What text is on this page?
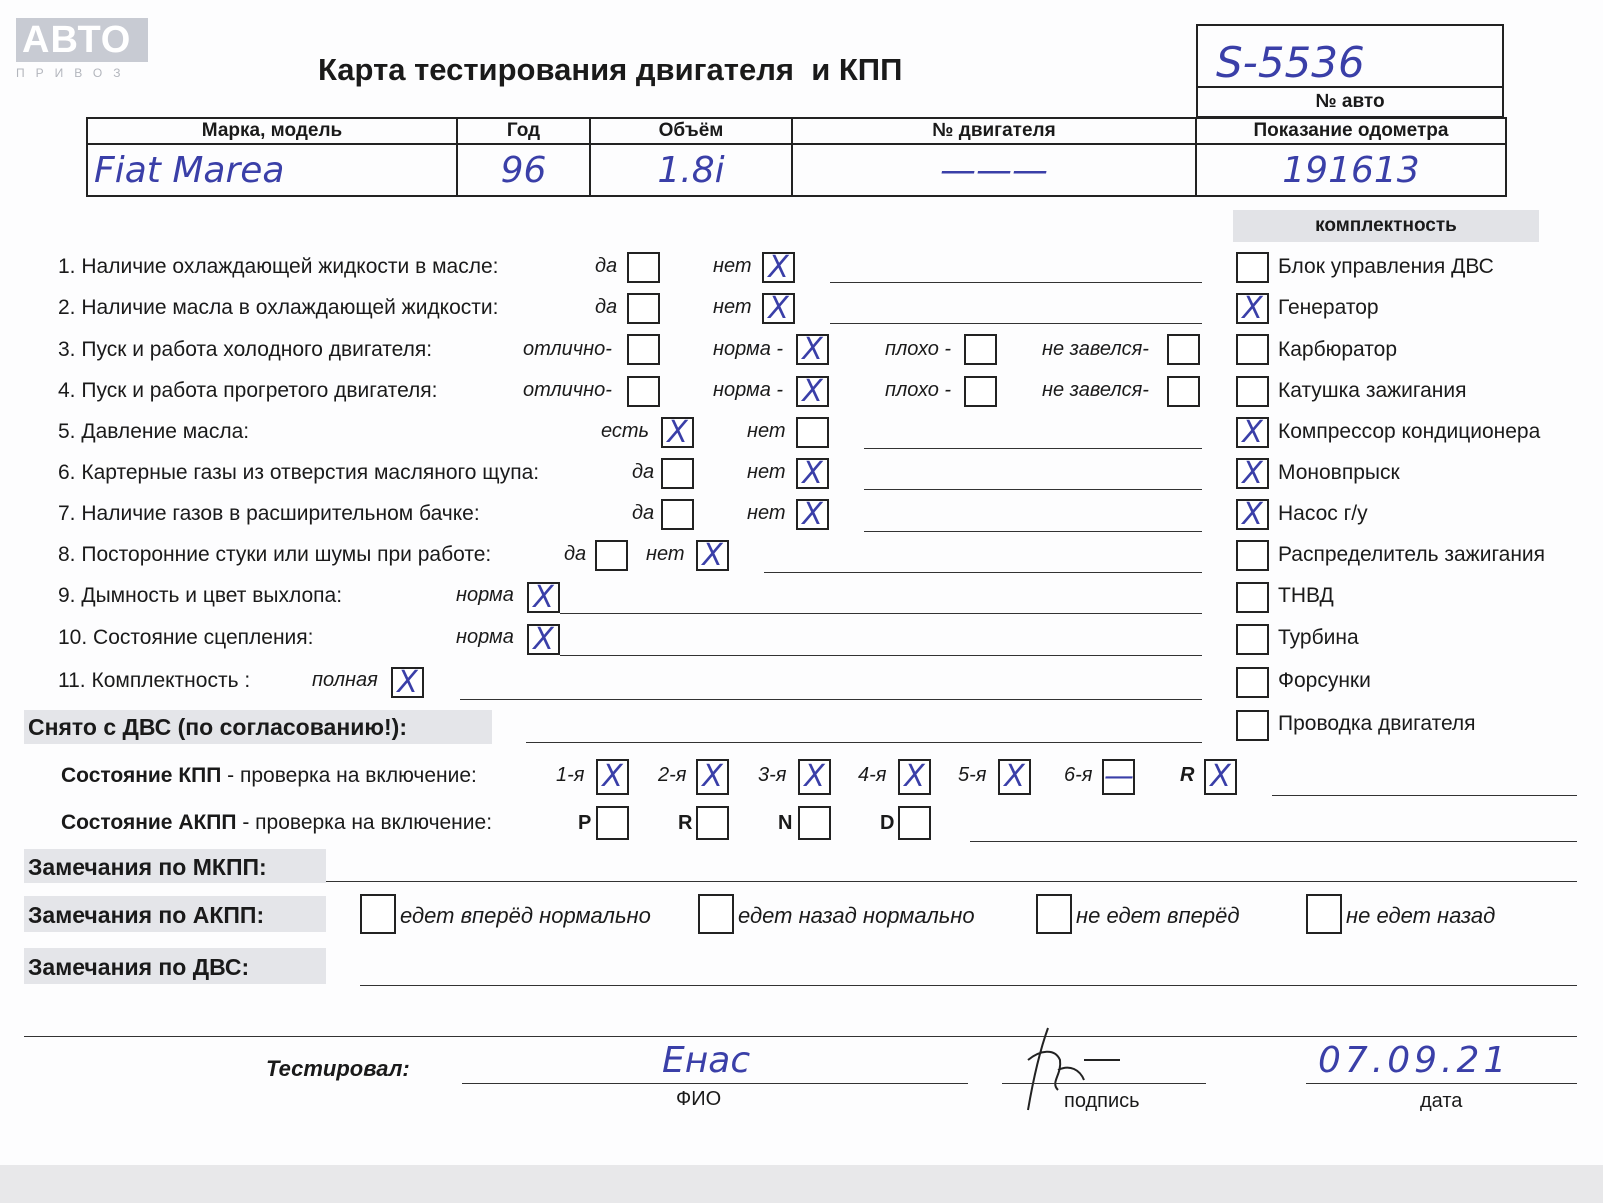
АВТО
ПРИВОЗ	Карта тестирования двигателя  и КПП	S-5536
№ авто
Марка, модель	Год	Объём	№ двигателя	Показание одометра
Fiat Marea	96	1.8i	———	191613
комплектность
1. Наличие охлаждающей жидкости в масле:	да	нет X
2. Наличие масла в охлаждающей жидкости:	да	нет X
3. Пуск и работа холодного двигателя:	отлично-	норма - X	плохо -	не завелся-
4. Пуск и работа прогретого двигателя:	отлично-	норма - X	плохо -	не завелся-
5. Давление масла:	есть X	нет
6. Картерные газы из отверстия масляного щупа:	да	нет X
7. Наличие газов в расширительном бачке:	да	нет X
8. Посторонние стуки или шумы при работе:	да	нет X
9. Дымность и цвет выхлопа:	норма X
10. Состояние сцепления:	норма X
11. Комплектность :	полная X
Блок управления ДВС
X Генератор
Карбюратор
Катушка зажигания
X Компрессор кондиционера
X Моновпрыск
X Насос г/у
Распределитель зажигания
ТНВД
Турбина
Форсунки
Проводка двигателя
Снято с ДВС (по согласованию!):
Состояние КПП - проверка на включение:	1-я X 2-я X 3-я X 4-я X 5-я X 6-я — R X
Состояние АКПП - проверка на включение:	P	R	N	D
Замечания по МКПП:
Замечания по АКПП:	едет вперёд нормально	едет назад нормально	не едет вперёд	не едет назад
Замечания по ДВС:
Тестировал:	Енас
ФИО	подпись
07.09.21
дата
